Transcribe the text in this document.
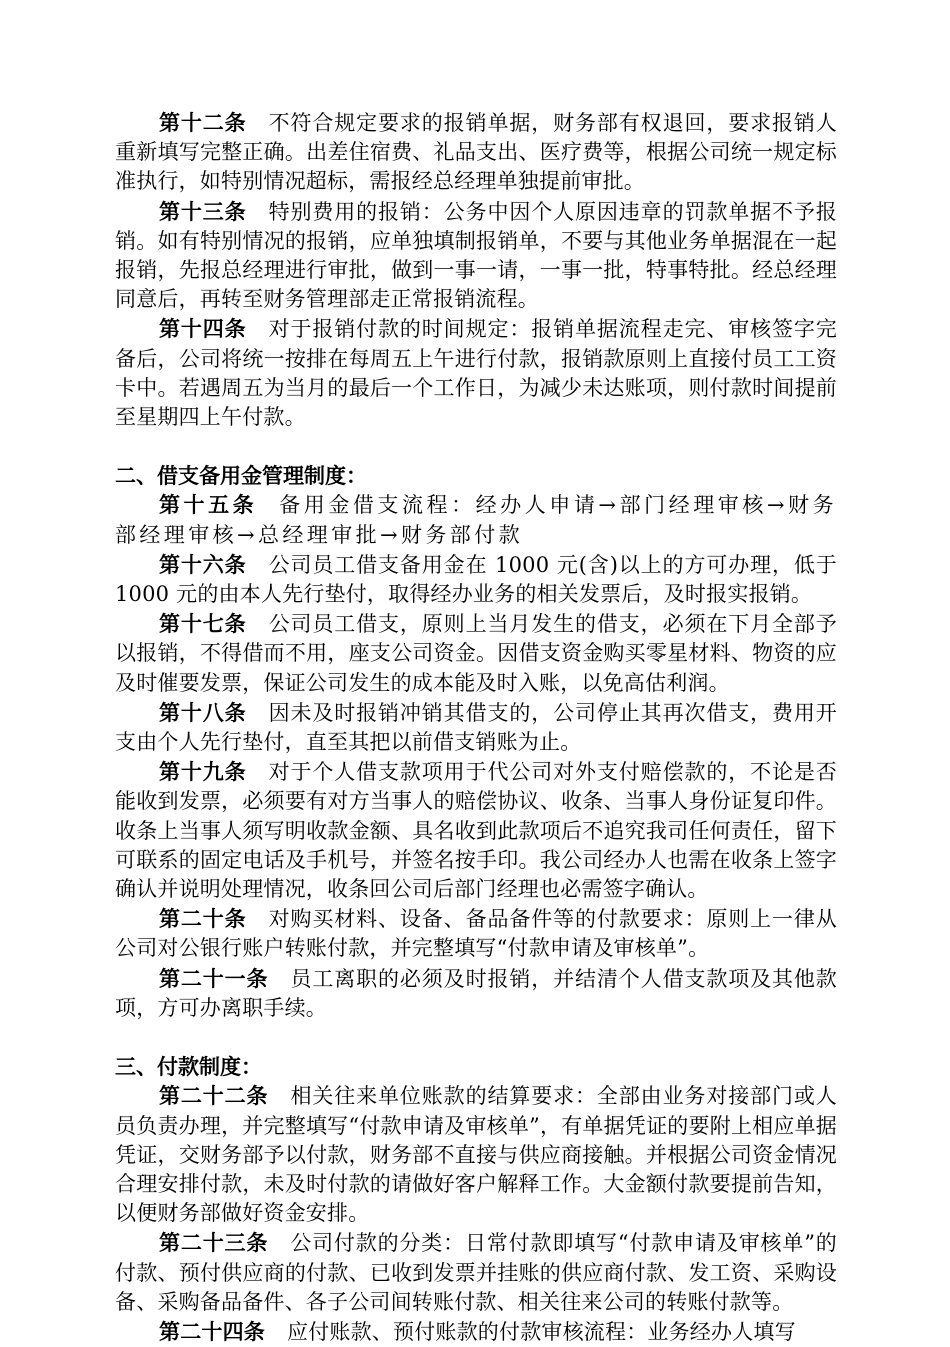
第十二条 不符合规定要求的报销单据，财务部有权退回，要求报销人重新填写完整正确。出差住宿费、礼品支出、医疗费等，根据公司统一规定标准执行，如特别情况超标，需报经总经理单独提前审批。

第十三条 特别费用的报销：公务中因个人原因违章的罚款单据不予报销。如有特别情况的报销，应单独填制报销单，不要与其他业务单据混在一起报销，先报总经理进行审批，做到一事一请，一事一批，特事特批。经总经理同意后，再转至财务管理部走正常报销流程。

第十四条 对于报销付款的时间规定：报销单据流程走完、审核签字完备后，公司将统一按排在每周五上午进行付款，报销款原则上直接付员工工资卡中。若遇周五为当月的最后一个工作日，为减少未达账项，则付款时间提前至星期四上午付款。

二、借支备用金管理制度：

第十五条 备用金借支流程：经办人申请→部门经理审核→财务部经理审核→总经理审批→财务部付款

第十六条 公司员工借支备用金在 1000 元(含)以上的方可办理，低于 1000 元的由本人先行垫付，取得经办业务的相关发票后，及时报实报销。

第十七条 公司员工借支，原则上当月发生的借支，必须在下月全部予以报销，不得借而不用，座支公司资金。因借支资金购买零星材料、物资的应及时催要发票，保证公司发生的成本能及时入账，以免高估利润。

第十八条 因未及时报销冲销其借支的，公司停止其再次借支，费用开支由个人先行垫付，直至其把以前借支销账为止。

第十九条 对于个人借支款项用于代公司对外支付赔偿款的，不论是否能收到发票，必须要有对方当事人的赔偿协议、收条、当事人身份证复印件。收条上当事人须写明收款金额、具名收到此款项后不追究我司任何责任，留下可联系的固定电话及手机号，并签名按手印。我公司经办人也需在收条上签字确认并说明处理情况，收条回公司后部门经理也必需签字确认。

第二十条 对购买材料、设备、备品备件等的付款要求：原则上一律从公司对公银行账户转账付款，并完整填写“付款申请及审核单”。

第二十一条 员工离职的必须及时报销，并结清个人借支款项及其他款项，方可办离职手续。

三、付款制度：

第二十二条 相关往来单位账款的结算要求：全部由业务对接部门或人员负责办理，并完整填写“付款申请及审核单”，有单据凭证的要附上相应单据凭证，交财务部予以付款，财务部不直接与供应商接触。并根据公司资金情况合理安排付款，未及时付款的请做好客户解释工作。大金额付款要提前告知，以便财务部做好资金安排。

第二十三条 公司付款的分类：日常付款即填写“付款申请及审核单”的付款、预付供应商的付款、已收到发票并挂账的供应商付款、发工资、采购设备、采购备品备件、各子公司间转账付款、相关往来公司的转账付款等。

第二十四条 应付账款、预付账款的付款审核流程：业务经办人填写
